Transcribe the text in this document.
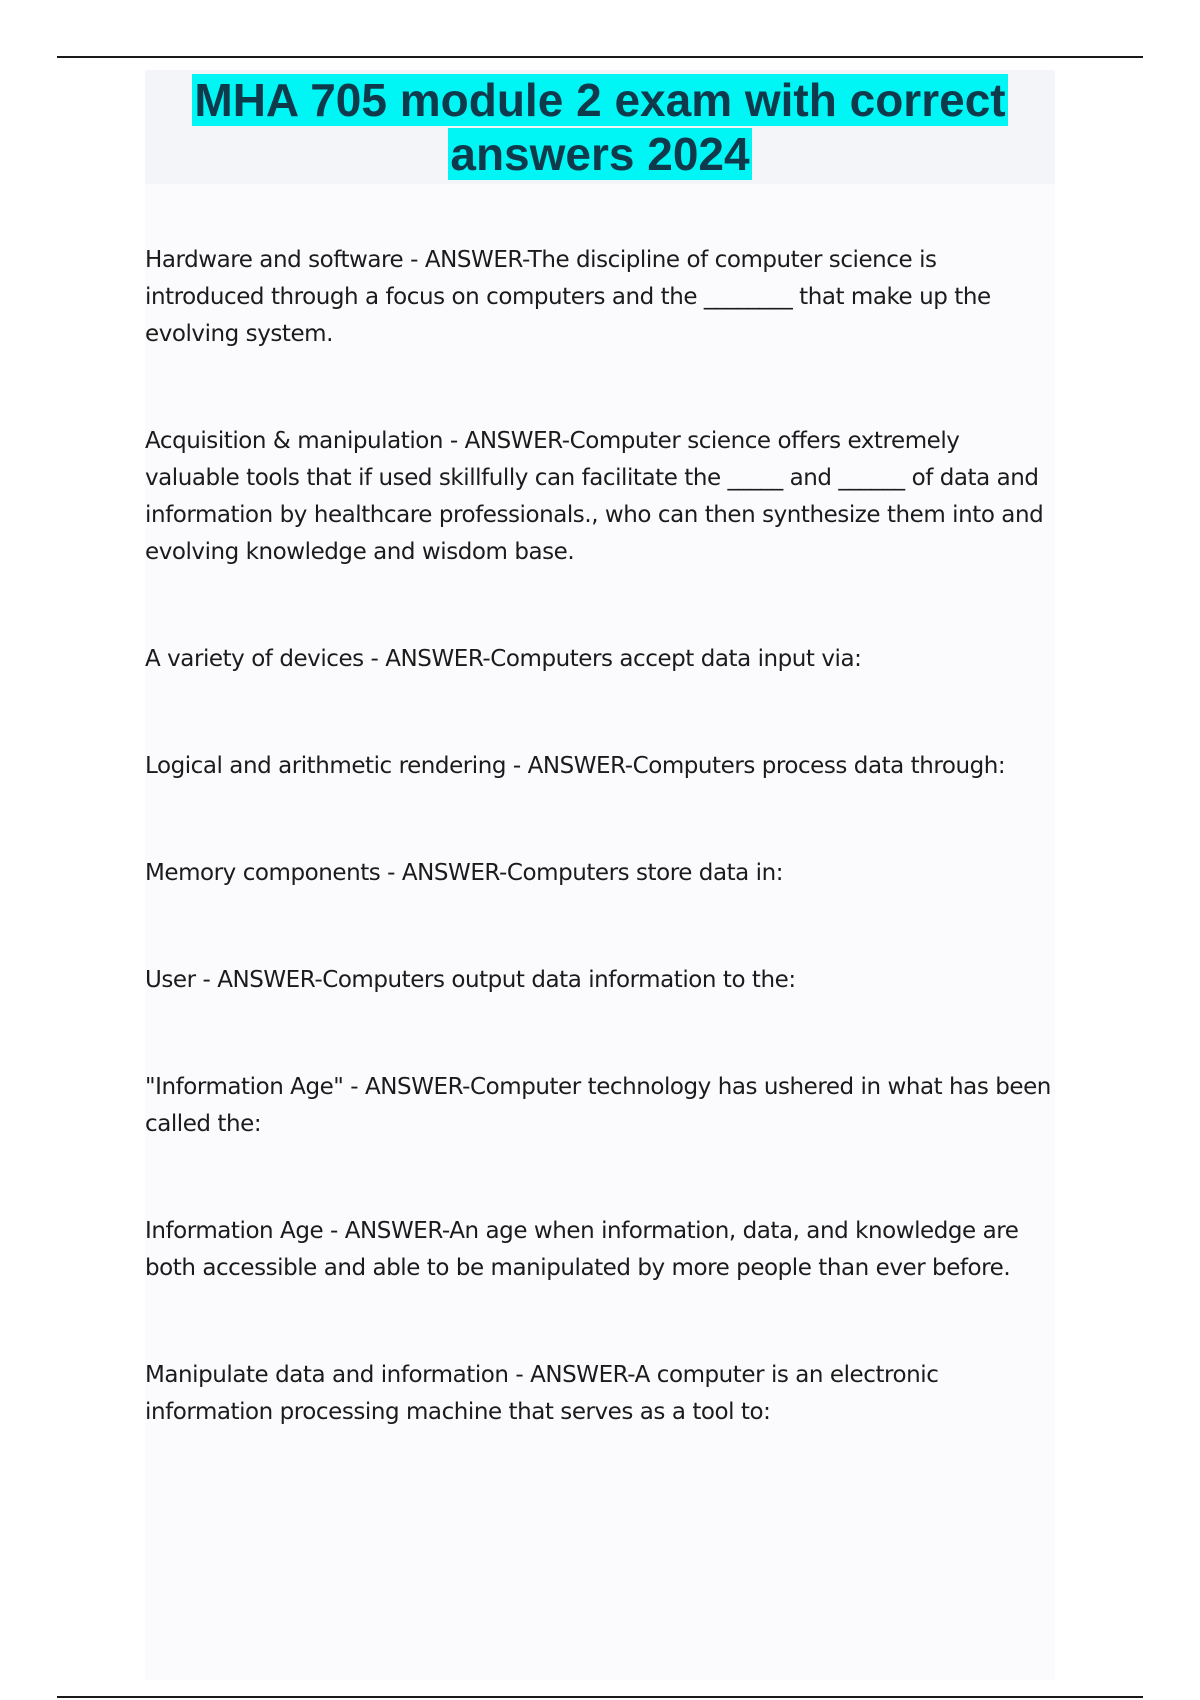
MHA 705 module 2 exam with correct answers 2024
Hardware and software - ANSWER-The discipline of computer science is introduced through a focus on computers and the ________ that make up the evolving system.
Acquisition & manipulation - ANSWER-Computer science offers extremely valuable tools that if used skillfully can facilitate the _____ and ______ of data and information by healthcare professionals., who can then synthesize them into and evolving knowledge and wisdom base.
A variety of devices - ANSWER-Computers accept data input via:
Logical and arithmetic rendering - ANSWER-Computers process data through:
Memory components - ANSWER-Computers store data in:
User - ANSWER-Computers output data information to the:
"Information Age" - ANSWER-Computer technology has ushered in what has been called the:
Information Age - ANSWER-An age when information, data, and knowledge are both accessible and able to be manipulated by more people than ever before.
Manipulate data and information - ANSWER-A computer is an electronic information processing machine that serves as a tool to:
